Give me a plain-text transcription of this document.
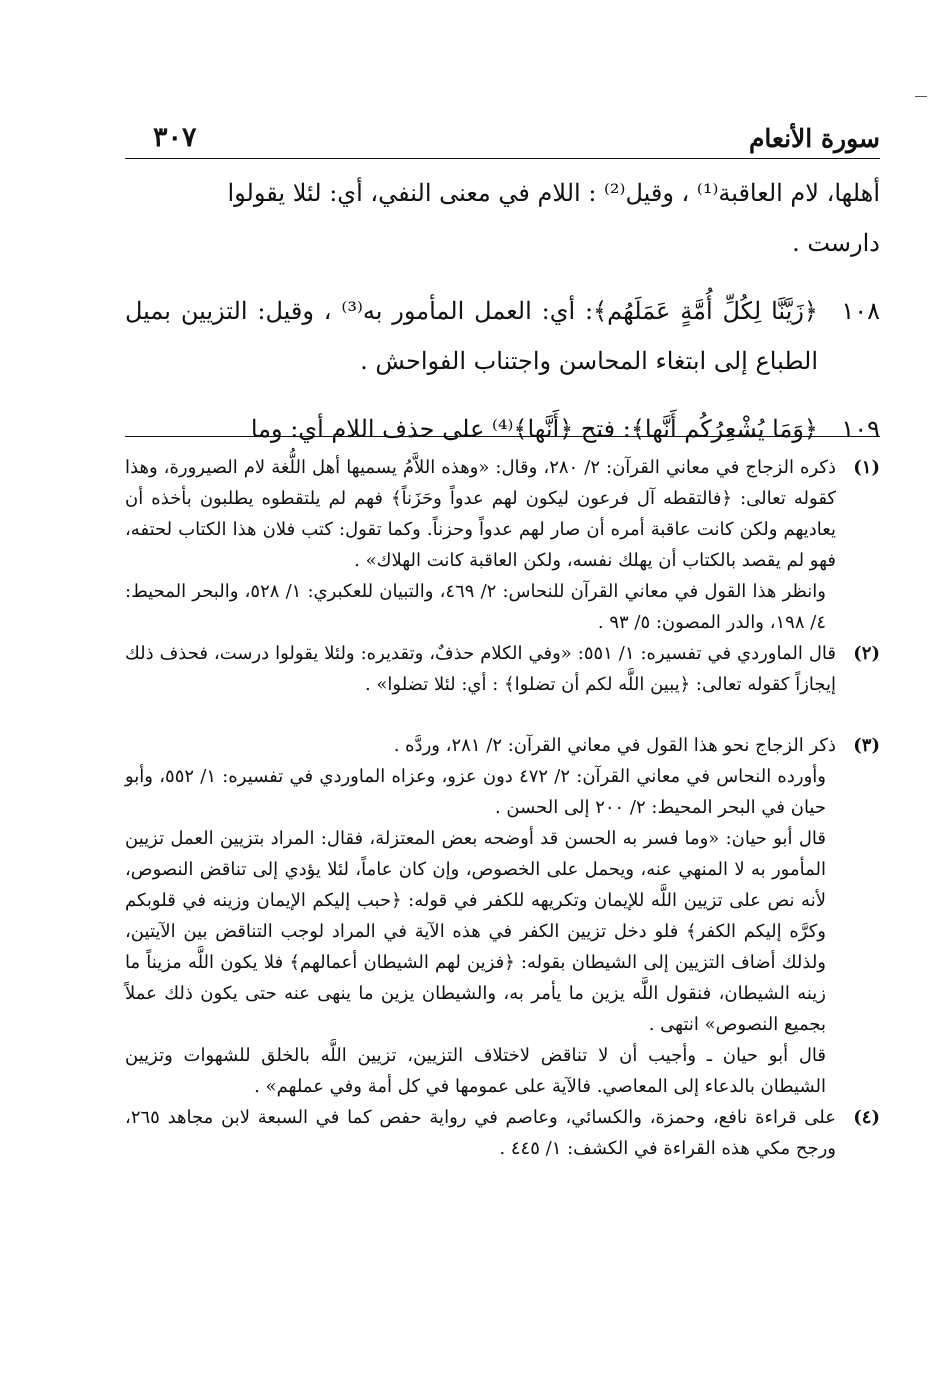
٣٠٧	سورة الأنعام

أهلها، لام العاقبة⁽¹⁾ ، وقيل⁽²⁾ : اللام في معنى النفي، أي: لئلا يقولوا

دارست .

١٠٨
﴿زَيَّنَّا لِكُلِّ أُمَّةٍ عَمَلَهُم﴾: أي: العمل المأمور به⁽³⁾ ، وقيل: التزيين بميل الطباع إلى ابتغاء المحاسن واجتناب الفواحش .
١٠٩
﴿وَمَا يُشْعِرُكُم أَنَّها﴾: فتح ﴿أَنَّها﴾⁽⁴⁾ على حذف اللام أي: وما
(١)

ذكره الزجاج في معاني القرآن: ٢/ ٢٨٠، وقال: «وهذه اللاَّمُ يسميها أهل اللُّغة لام الصيرورة، وهذا كقوله تعالى: ﴿فالتقطه آل فرعون ليكون لهم عدواً وحَزَناً﴾ فهم لم يلتقطوه يطلبون بأخذه أن يعاديهم ولكن كانت عاقبة أمره أن صار لهم عدواً وحزناً. وكما تقول: كتب فلان هذا الكتاب لحتفه، فهو لم يقصد بالكتاب أن يهلك نفسه، ولكن العاقبة كانت الهلاك» .

وانظر هذا القول في معاني القرآن للنحاس: ٢/ ٤٦٩، والتبيان للعكبري: ١/ ٥٢٨، والبحر المحيط: ٤/ ١٩٨، والدر المصون: ٥/ ٩٣ .

(٢)

قال الماوردي في تفسيره: ١/ ٥٥١: «وفي الكلام حذفٌ، وتقديره: ولئلا يقولوا درست، فحذف ذلك إيجازاً كقوله تعالى: ﴿يبين اللَّه لكم أن تضلوا﴾ : أي: لئلا تضلوا» .

(٣)

ذكر الزجاج نحو هذا القول في معاني القرآن: ٢/ ٢٨١، وردَّه .

وأورده النحاس في معاني القرآن: ٢/ ٤٧٢ دون عزو، وعزاه الماوردي في تفسيره: ١/ ٥٥٢، وأبو حيان في البحر المحيط: ٢/ ٢٠٠ إلى الحسن .

قال أبو حيان: «وما فسر به الحسن قد أوضحه بعض المعتزلة، فقال: المراد بتزيين العمل تزيين المأمور به لا المنهي عنه، ويحمل على الخصوص، وإن كان عاماً، لئلا يؤدي إلى تناقض النصوص، لأنه نص على تزيين اللَّه للإيمان وتكريهه للكفر في قوله: ﴿حبب إليكم الإيمان وزينه في قلوبكم وكرَّه إليكم الكفر﴾ فلو دخل تزيين الكفر في هذه الآية في المراد لوجب التناقض بين الآيتين، ولذلك أضاف التزيين إلى الشيطان بقوله: ﴿فزين لهم الشيطان أعمالهم﴾ فلا يكون اللَّه مزيناً ما زينه الشيطان، فنقول اللَّه يزين ما يأمر به، والشيطان يزين ما ينهى عنه حتى يكون ذلك عملاً بجميع النصوص» انتهى .

قال أبو حيان ـ وأجيب أن لا تناقض لاختلاف التزيين، تزيين اللَّه بالخلق للشهوات وتزيين الشيطان بالدعاء إلى المعاصي. فالآية على عمومها في كل أمة وفي عملهم» .

(٤)

على قراءة نافع، وحمزة، والكسائي، وعاصم في رواية حفص كما في السبعة لابن مجاهد ٢٦٥، ورجح مكي هذه القراءة في الكشف: ١/ ٤٤٥ .
